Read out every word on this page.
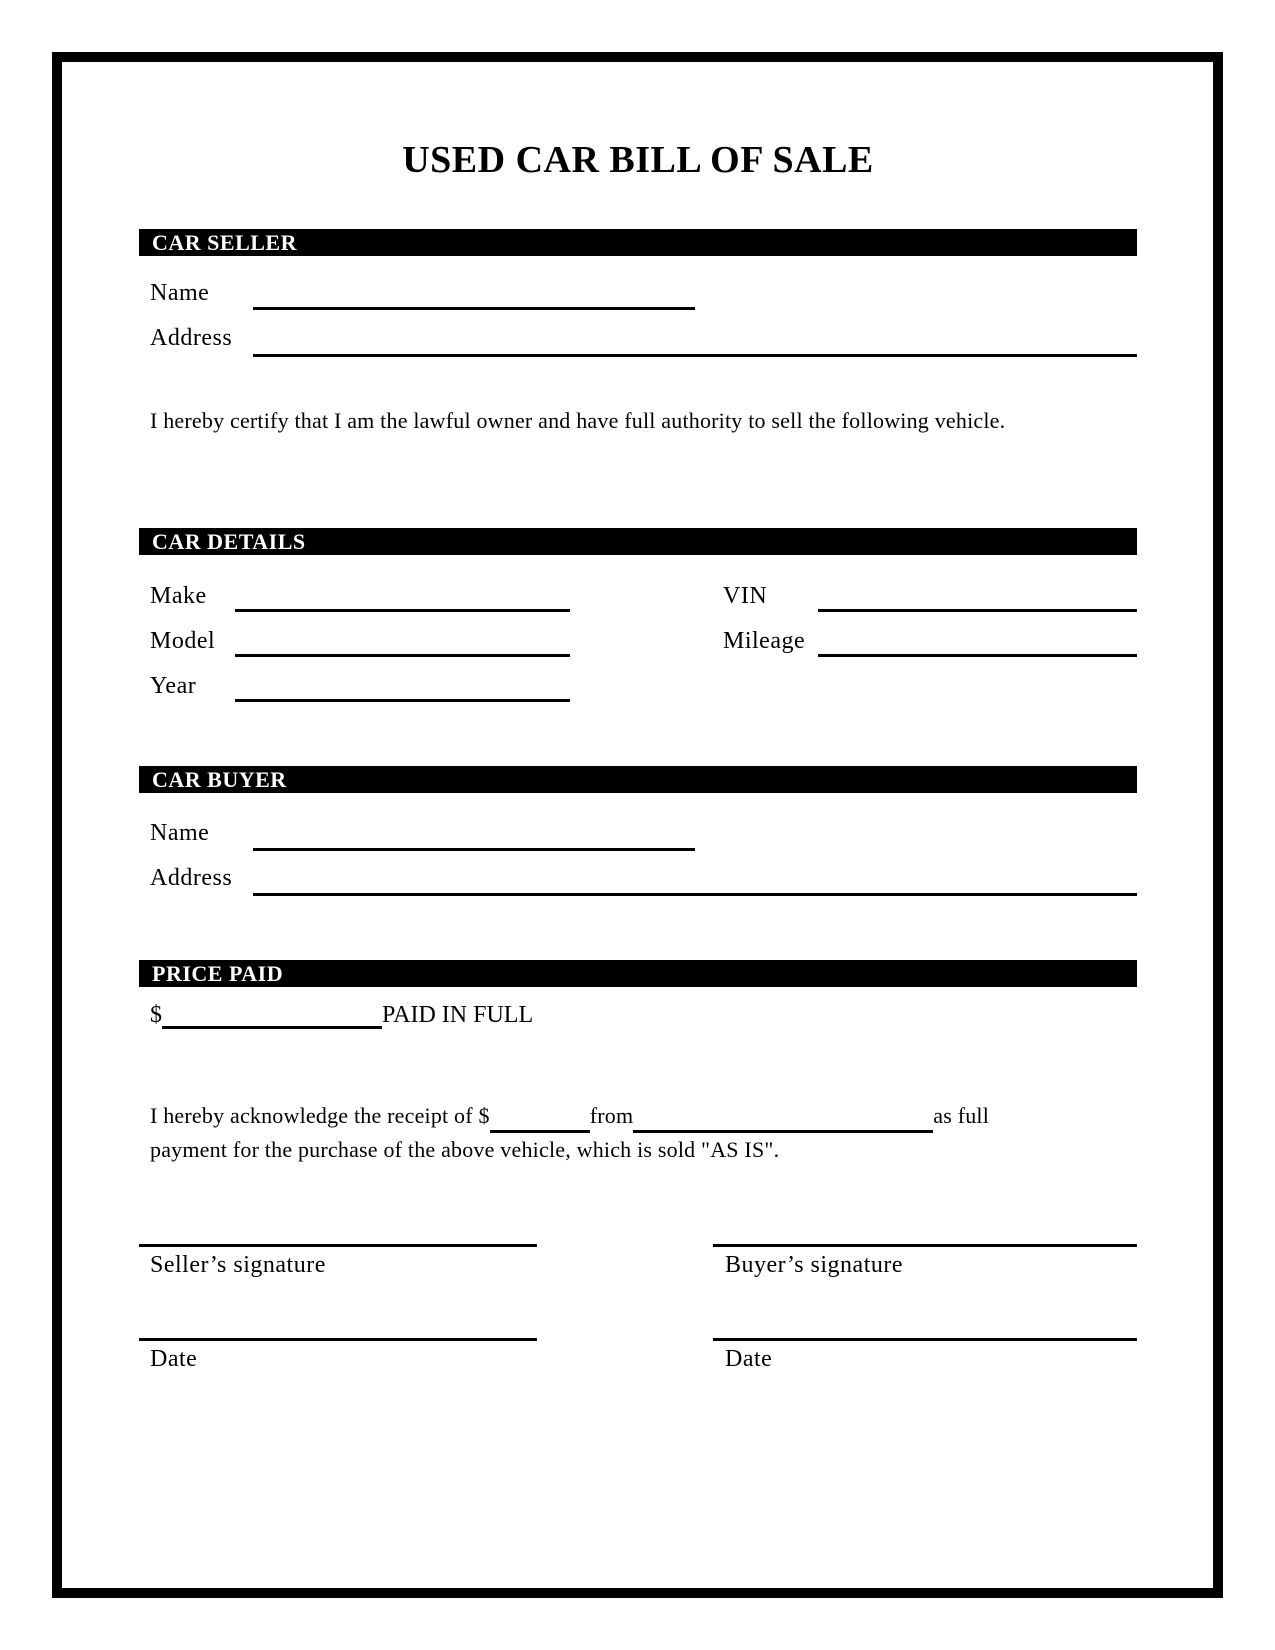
USED CAR BILL OF SALE
CAR SELLER
Name
Address
I hereby certify that I am the lawful owner and have full authority to sell the following vehicle.
CAR DETAILS
Make	VIN
Model	Mileage
Year
CAR BUYER
Name
Address
PRICE PAID
$	PAID IN FULL
I hereby acknowledge the receipt of $	from	as full payment for the purchase of the above vehicle, which is sold "AS IS".
Seller’s signature	Buyer’s signature
Date	Date
